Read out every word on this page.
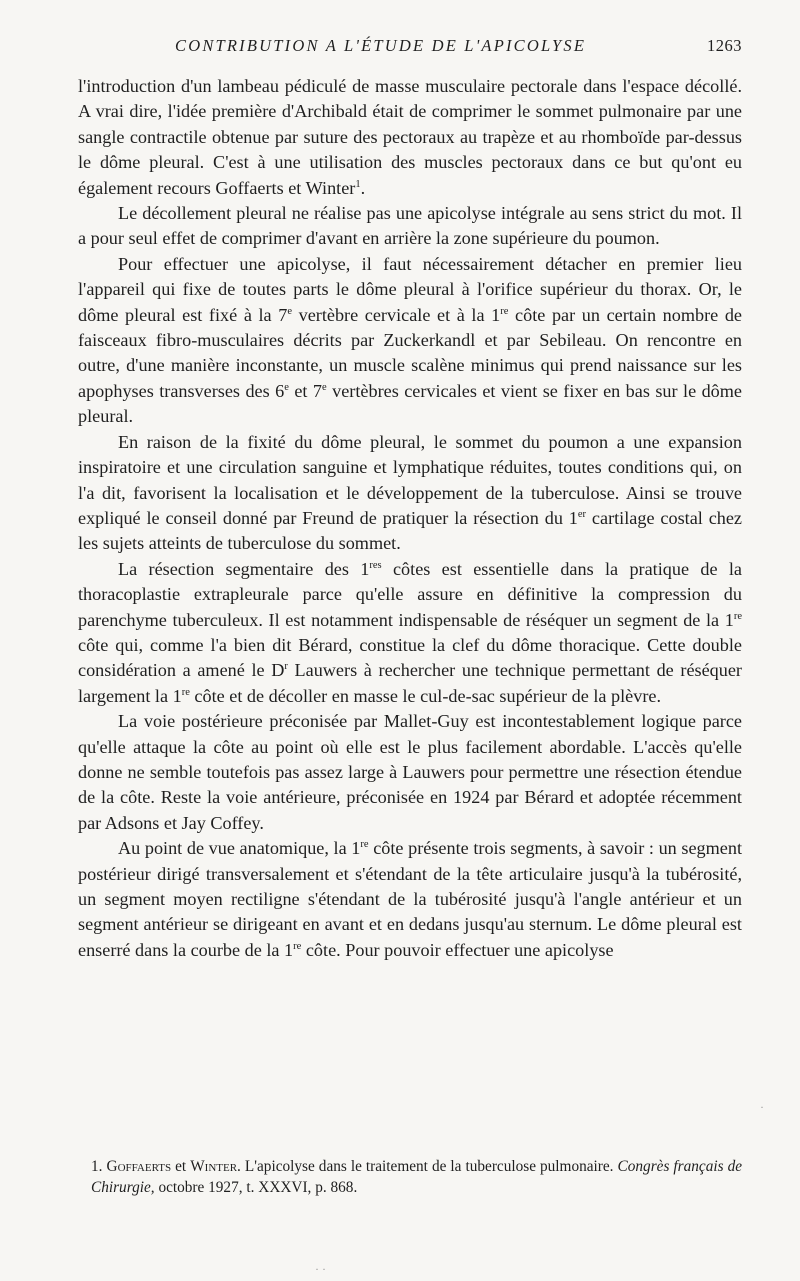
CONTRIBUTION A L'ÉTUDE DE L'APICOLYSE	1263

l'introduction d'un lambeau pédiculé de masse musculaire pectorale dans l'espace décollé. A vrai dire, l'idée première d'Archibald était de comprimer le sommet pulmonaire par une sangle contractile obtenue par suture des pectoraux au trapèze et au rhomboïde par-dessus le dôme pleural. C'est à une utilisation des muscles pectoraux dans ce but qu'ont eu également recours Goffaerts et Winter$^1$.

Le décollement pleural ne réalise pas une apicolyse intégrale au sens strict du mot. Il a pour seul effet de comprimer d'avant en arrière la zone supérieure du poumon.

Pour effectuer une apicolyse, il faut nécessairement détacher en premier lieu l'appareil qui fixe de toutes parts le dôme pleural à l'orifice supérieur du thorax. Or, le dôme pleural est fixé à la 7e vertèbre cervicale et à la 1re côte par un certain nombre de faisceaux fibro-musculaires décrits par Zuckerkandl et par Sebileau. On rencontre en outre, d'une manière inconstante, un muscle scalène minimus qui prend naissance sur les apophyses transverses des 6e et 7e vertèbres cervicales et vient se fixer en bas sur le dôme pleural.

En raison de la fixité du dôme pleural, le sommet du poumon a une expansion inspiratoire et une circulation sanguine et lymphatique réduites, toutes conditions qui, on l'a dit, favorisent la localisation et le développement de la tuberculose. Ainsi se trouve expliqué le conseil donné par Freund de pratiquer la résection du 1er cartilage costal chez les sujets atteints de tuberculose du sommet.

La résection segmentaire des 1res côtes est essentielle dans la pratique de la thoracoplastie extrapleurale parce qu'elle assure en définitive la compression du parenchyme tuberculeux. Il est notamment indispensable de réséquer un segment de la 1re côte qui, comme l'a bien dit Bérard, constitue la clef du dôme thoracique. Cette double considération a amené le $D^r$ Lauwers à rechercher une technique permettant de réséquer largement la 1re côte et de décoller en masse le cul-de-sac supérieur de la plèvre.

La voie postérieure préconisée par Mallet-Guy est incontestablement logique parce qu'elle attaque la côte au point où elle est le plus facilement abordable. L'accès qu'elle donne ne semble toutefois pas assez large à Lauwers pour permettre une résection étendue de la côte. Reste la voie antérieure, préconisée en 1924 par Bérard et adoptée récemment par Adsons et Jay Coffey.

Au point de vue anatomique, la 1re côte présente trois segments, à savoir : un segment postérieur dirigé transversalement et s'étendant de la tête articulaire jusqu'à la tubérosité, un segment moyen rectiligne s'étendant de la tubérosité jusqu'à l'angle antérieur et un segment antérieur se dirigeant en avant et en dedans jusqu'au sternum. Le dôme pleural est enserré dans la courbe de la 1re côte. Pour pouvoir effectuer une apicolyse

1. Goffaerts et Winter. L'apicolyse dans le traitement de la tuberculose pulmonaire. Congrès français de Chirurgie, octobre 1927, t. XXXVI, p. 868.
·
· ·
